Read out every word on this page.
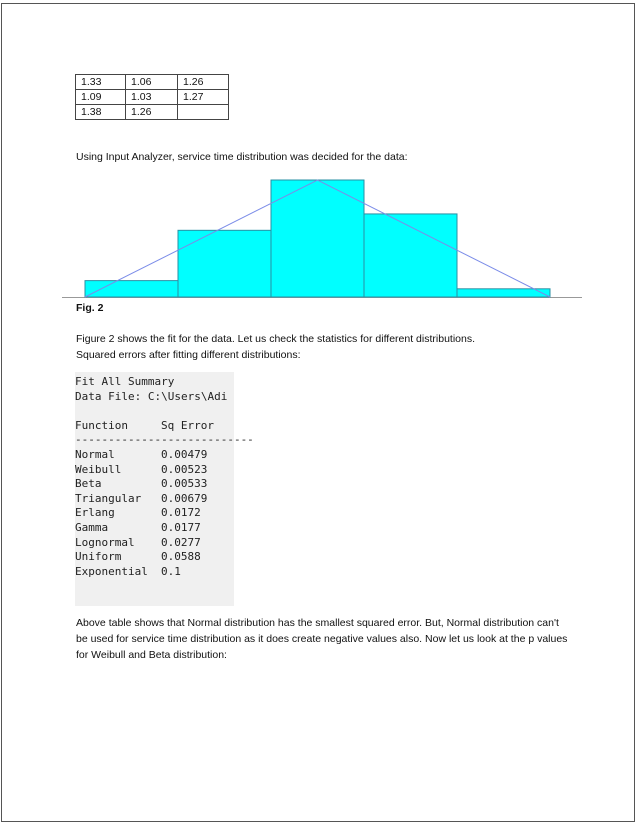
1.33	1.06	1.26
1.09	1.03	1.27
1.38	1.26	

Using Input Analyzer, service time distribution was decided for the data:

Fig. 2

Figure 2 shows the fit for the data. Let us check the statistics for different distributions.

Squared errors after fitting different distributions:

Fit All Summary
Data File: C:\Users\Adi

Function	Sq Error
---------------------------
Normal	0.00479
Weibull	0.00523
Beta	0.00533
Triangular 0.00679
Erlang	0.0172
Gamma	0.0177
Lognormal 0.0277
Uniform	0.0588
Exponential 0.1

Above table shows that Normal distribution has the smallest squared error. But, Normal distribution can't be used for service time distribution as it does create negative values also. Now let us look at the p values for Weibull and Beta distribution:
